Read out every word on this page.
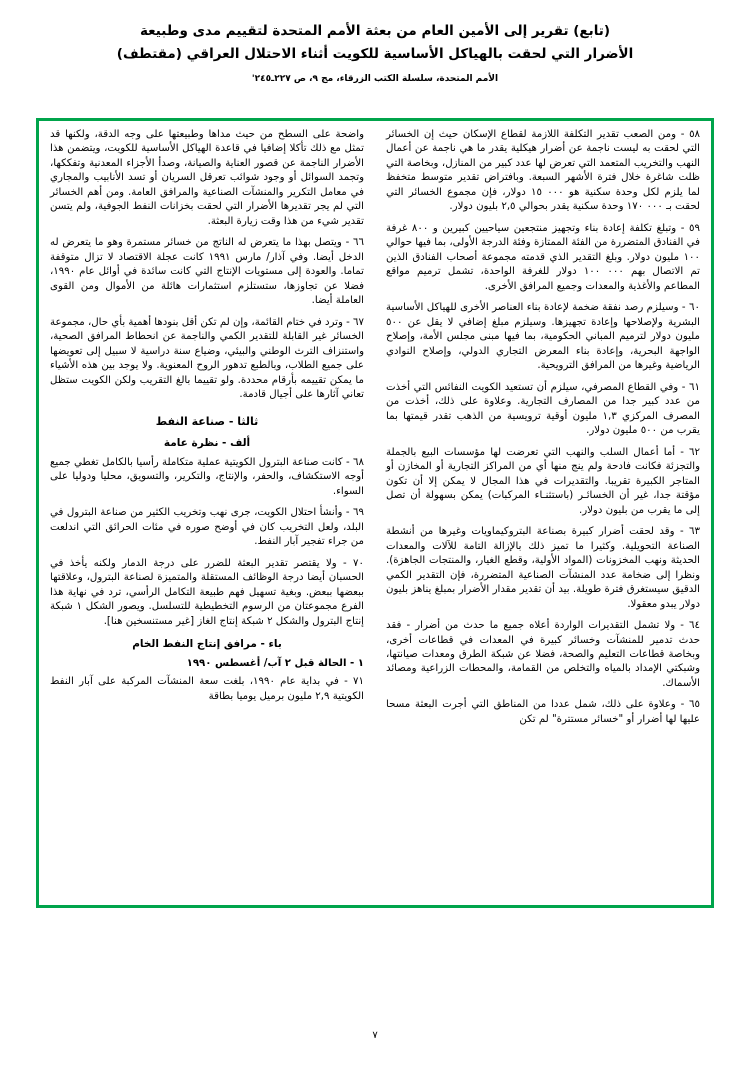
(تابع) تقرير إلى الأمين العام من بعثة الأمم المتحدة لتقييم مدى وطبيعة
الأضرار التي لحقت بالهياكل الأساسية للكويت أثناء الاحتلال العراقي (مقتطف)
الأمم المتحدة، سلسلة الكتب الزرقاء، مج ٩، ص ٢٢٧ـ٢٤٥'

٥٨ - ومن الصعب تقدير التكلفة اللازمة لقطاع الإسكان حيث إن الخسائر التي لحقت به ليست ناجمة عن أضرار هيكلية يقدر ما هي ناجمة عن أعمال النهب والتخريب المتعمد التي تعرض لها عدد كبير من المنازل، وبخاصة التي ظلت شاغرة خلال فترة الأشهر السبعة. وبافتراض تقدير متوسط متخفظ لما يلزم لكل وحدة سكنية هو ٠٠٠ ١٥ دولار، فإن مجموع الخسائر التي لحقت بـ ٠٠٠ ١٧٠ وحدة سكنية يقدر بحوالي ٢,٥ بليون دولار.

٥٩ - وتبلغ تكلفة إعادة بناء وتجهيز منتجعين سياحيين كبيرين و ٨٠٠ غرفة في الفنادق المتضررة من الفئة الممتازة وفئة الدرجة الأولى، بما فيها حوالي ١٠٠ مليون دولار. وبلغ التقدير الذي قدمته مجموعة أصحاب الفنادق الذين تم الاتصال بهم ٠٠٠ ١٠٠ دولار للغرفة الواحدة، تشمل ترميم مواقع المطاعم والأغذية والمعدات وجميع المرافق الأخرى.

٦٠ - وسيلزم رصد نفقة ضخمة لإعادة بناء العناصر الأخرى للهياكل الأساسية البشرية ولإصلاحها وإعادة تجهيزها. وسيلزم مبلغ إضافي لا يقل عن ٥٠٠ مليون دولار لترميم المباني الحكومية، بما فيها مبنى مجلس الأمة، وإصلاح الواجهة البحرية، وإعادة بناء المعرض التجاري الدولي، وإصلاح النوادي الرياضية وغيرها من المرافق الترويحية.

٦١ - وفي القطاع المصرفي، سيلزم أن تستعيد الكويت النفائس التي أخذت من عدد كبير جدا من المصارف التجارية. وعلاوة على ذلك، أخذت من المصرف المركزي ١,٣ مليون أوقية ترويسية من الذهب تقدر قيمتها بما يقرب من ٥٠٠ مليون دولار.

٦٢ - أما أعمال السلب والنهب التي تعرضت لها مؤسسات البيع بالجملة والتجزئة فكانت فادحة ولم ينج منها أي من المراكز التجارية أو المخازن أو المتاجر الكبيرة تقريبا. والتقديرات في هذا المجال لا يمكن إلا أن تكون مؤقتة جدا، غير أن الخسائـر (باستثنـاء المركبات) يمكن بسهولة أن تصل إلى ما يقرب من بليون دولار.

٦٣ - وقد لحقت أضرار كبيرة بصناعة البتروكيماويات وغيرها من أنشطة الصناعة التحويلية. وكثيرا ما تميز ذلك بالإزالة التامة للآلات والمعدات الحديثة ونهب المخزونات (المواد الأولية، وقطع الغيار، والمنتجات الجاهزة). ونظرا إلى ضخامة عدد المنشآت الصناعية المتضررة، فإن التقدير الكمي الدقيق سيستغرق فترة طويلة. بيد أن تقدير مقدار الأضرار بمبلغ يناهز بليون دولار يبدو معقولا.

٦٤ - ولا تشمل التقديرات الواردة أعلاه جميع ما حدث من أضرار - فقد حدث تدمير للمنشآت وخسائر كبيرة في المعدات في قطاعات أخرى، وبخاصة قطاعات التعليم والصحة، فضلا عن شبكة الطرق ومعدات صيانتها، وشبكتي الإمداد بالمياه والتخلص من القمامة، والمحطات الزراعية ومصائد الأسماك.

٦٥ - وعلاوة على ذلك، شمل عددا من المناطق التي أجرت البعثة مسحا عليها لها أضرار أو "خسائر مستترة" لم تكن

واضحة على السطح من حيث مداها وطبيعتها على وجه الدقة، ولكنها قد تمثل مع ذلك تأكلا إضافيا في قاعدة الهياكل الأساسية للكويت، ويتضمن هذا الأضرار الناجمة عن قصور العناية والصيانة، وصدأ الأجزاء المعدنية وتفككها، وتجمد السوائل أو وجود شوائب تعرقل السريان أو تسد الأنابيب والمجاري في معامل التكرير والمنشآت الصناعية والمرافق العامة. ومن أهم الخسائر التي لم يجر تقديرها الأضرار التي لحقت بخزانات النفط الجوفية، ولم يتسن تقدير شيء من هذا وقت زيارة البعثة.

٦٦ - ويتصل بهذا ما يتعرض له الناتج من خسائر مستمرة وهو ما يتعرض له الدخل أيضا. وفي آذار/ مارس ١٩٩١ كانت عجلة الاقتصاد لا تزال متوقفة تماما. والعودة إلى مستويات الإنتاج التي كانت سائدة في أوائل عام ١٩٩٠، فضلا عن تجاوزها، ستستلزم استثمارات هائلة من الأموال ومن القوى العاملة أيضا.

٦٧ - وترد في ختام القائمة، وإن لم تكن أقل بنودها أهمية بأي حال، مجموعة الخسائر غير القابلة للتقدير الكمي والناجمة عن انحطاط المرافق الصحية، واستنزاف الترث الوطني والبيئي، وضياع سنة دراسية لا سبيل إلى تعويضها على جميع الطلاب، وبالطبع تدهور الروح المعنوية. ولا يوجد بين هذه الأشياء ما يمكن تقييمه بأرقام محددة. ولو تقييما بالغ التقريب ولكن الكويت ستظل تعاني آثارها على أجيال قادمة.

ثالثا - صناعة النفط
ألف - نظرة عامة

٦٨ - كانت صناعة البترول الكويتية عملية متكاملة رأسيا بالكامل تغطي جميع أوجه الاستكشاف، والحفر، والإنتاج، والتكرير، والتسويق، محليا ودوليا على السواء.

٦٩ - وأنشأ احتلال الكويت، جرى نهب وتخريب الكثير من صناعة البترول في البلد، ولعل التخريب كان في أوضح صوره في مئات الحرائق التي اندلعت من جراء تفجير آبار النفط.

٧٠ - ولا يقتصر تقدير البعثة للضرر على درجة الدمار ولكنه يأخذ في الحسبان أيضا درجة الوظائف المستقلة والمتميزة لصناعة البترول، وعلاقتها ببعضها ببعض. وبغية تسهيل فهم طبيعة التكامل الرأسي، ترد في نهاية هذا الفرع مجموعتان من الرسوم التخطيطية للتسلسل. ويصور الشكل ١ شبكة إنتاج البترول والشكل ٢ شبكة إنتاج الغاز [غير مستنسخين هنا].

باء - مرافق إنتاج النفط الخام
١ - الحالة قبل ٢ آب/ أغسطس ١٩٩٠

٧١ - في بداية عام ١٩٩٠، بلغت سعة المنشآت المركبة على آبار النفط الكويتية ٢,٩ مليون برميل يوميا بطاقة

٧
